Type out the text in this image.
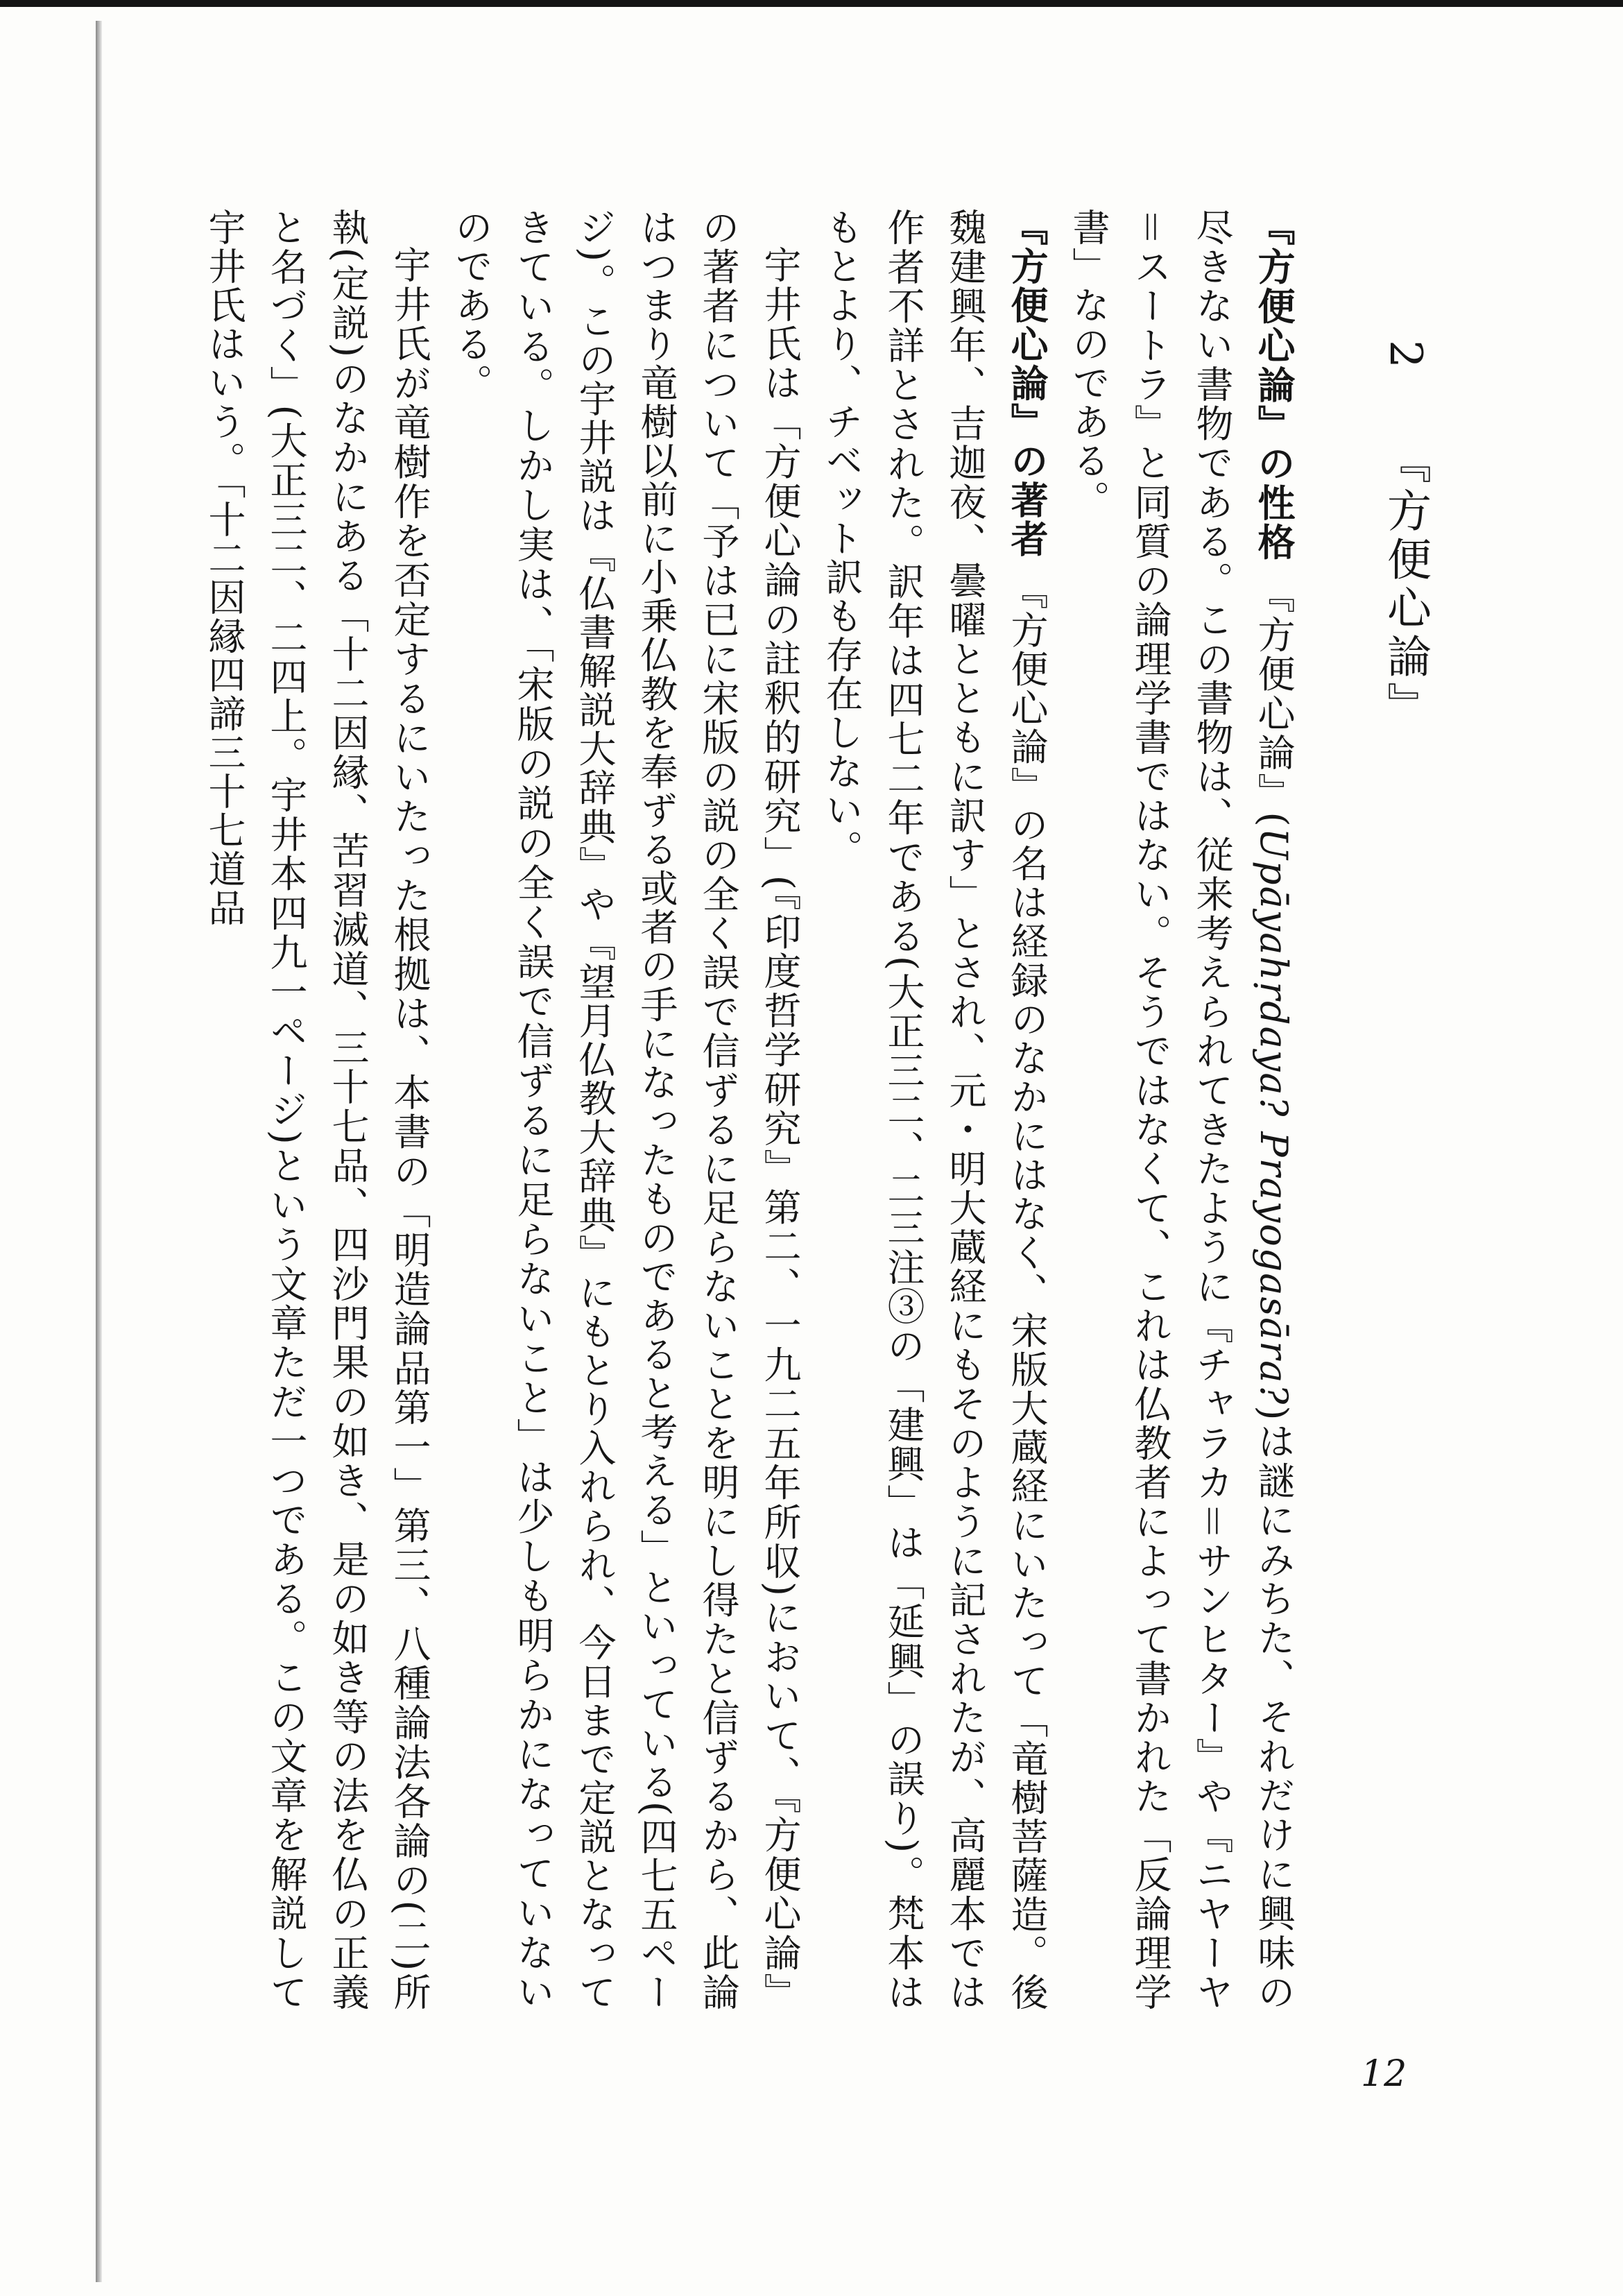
2 『方便心論』

『方便心論』の性格 『方便心論』(Upāyahṛdaya? Prayogasāra?)は謎にみちた、それだけに興味の尽きない書物である。この書物は、従来考えられてきたように『チャラカ＝サンヒター』や『ニヤーヤ＝スートラ』と同質の論理学書ではない。そうではなくて、これは仏教者によって書かれた「反論理学書」なのである。

『方便心論』の著者 『方便心論』の名は経録のなかにはなく、宋版大蔵経にいたって「竜樹菩薩造。後魏建興年、吉迦夜、曇曜とともに訳す」とされ、元・明大蔵経にもそのように記されたが、高麗本では作者不詳とされた。訳年は四七二年である(大正三二、二三注③の「建興」は「延興」の誤り)。梵本はもとより、チベット訳も存在しない。

宇井氏は「方便心論の註釈的研究」(『印度哲学研究』第二、一九二五年所収)において、『方便心論』の著者について「予は已に宋版の説の全く誤で信ずるに足らないことを明にし得たと信ずるから、此論はつまり竜樹以前に小乗仏教を奉ずる或者の手になったものであると考える」といっている(四七五ページ)。この宇井説は『仏書解説大辞典』や『望月仏教大辞典』にもとり入れられ、今日まで定説となってきている。しかし実は、「宋版の説の全く誤で信ずるに足らないこと」は少しも明らかになっていないのである。

宇井氏が竜樹作を否定するにいたった根拠は、本書の「明造論品第一」第三、八種論法各論の(二)所執(定説)のなかにある「十二因縁、苦習滅道、三十七品、四沙門果の如き、是の如き等の法を仏の正義と名づく」(大正三二、二四上。宇井本四九一ページ)という文章ただ一つである。この文章を解説して宇井氏はいう。「十二因縁四諦三十七道品

12
